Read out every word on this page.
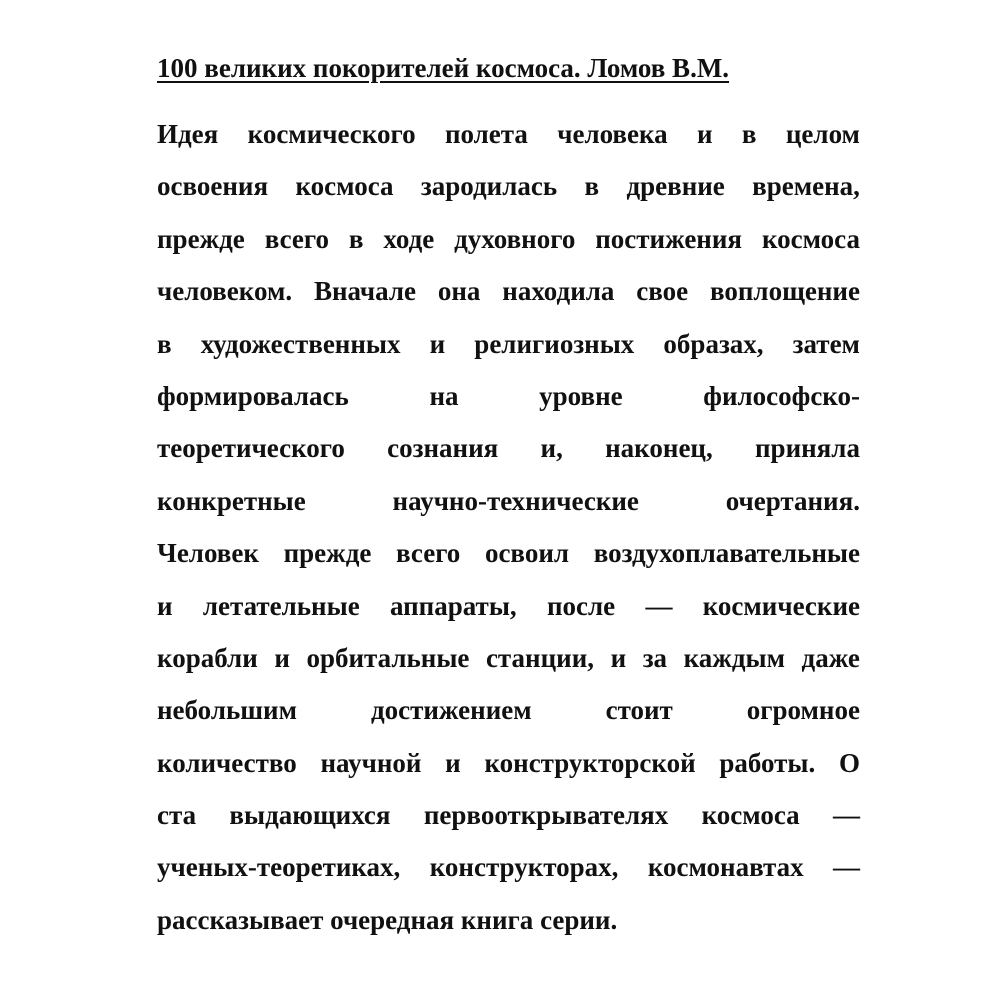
100 великих покорителей космоса. Ломов В.М.
Идея космического полета человека и в целом
освоения космоса зародилась в древние времена,
прежде всего в ходе духовного постижения космоса
человеком. Вначале она находила свое воплощение
в художественных и религиозных образах, затем
формировалась	на	уровне	философско-
теоретического сознания и, наконец, приняла
конкретные	научно-технические	очертания.
Человек прежде всего освоил воздухоплавательные
и летательные аппараты, после — космические
корабли и орбитальные станции, и за каждым даже
небольшим	достижением	стоит	огромное
количество научной и конструкторской работы. О
ста выдающихся первооткрывателях космоса —
ученых-теоретиках, конструкторах, космонавтах —
рассказывает
очередная
книга
серии.
